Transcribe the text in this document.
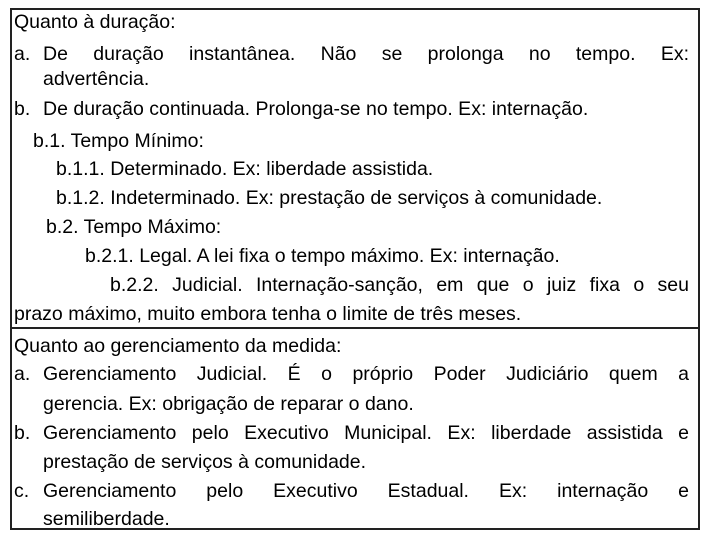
Quanto à duração:
a. De duração instantânea. Não se prolonga no tempo. Ex:
advertência.
b. De duração continuada. Prolonga-se no tempo. Ex: internação.
b.1. Tempo Mínimo:
b.1.1. Determinado. Ex: liberdade assistida.
b.1.2. Indeterminado. Ex: prestação de serviços à comunidade.
b.2. Tempo Máximo:
b.2.1. Legal. A lei fixa o tempo máximo. Ex: internação.
b.2.2. Judicial. Internação-sanção, em que o juiz fixa o seu
prazo máximo, muito embora tenha o limite de três meses.
Quanto ao gerenciamento da medida:
a. Gerenciamento Judicial. É o próprio Poder Judiciário quem a
gerencia. Ex: obrigação de reparar o dano.
b. Gerenciamento pelo Executivo Municipal. Ex: liberdade assistida e
prestação de serviços à comunidade.
c. Gerenciamento pelo Executivo Estadual. Ex: internação e
semiliberdade.
